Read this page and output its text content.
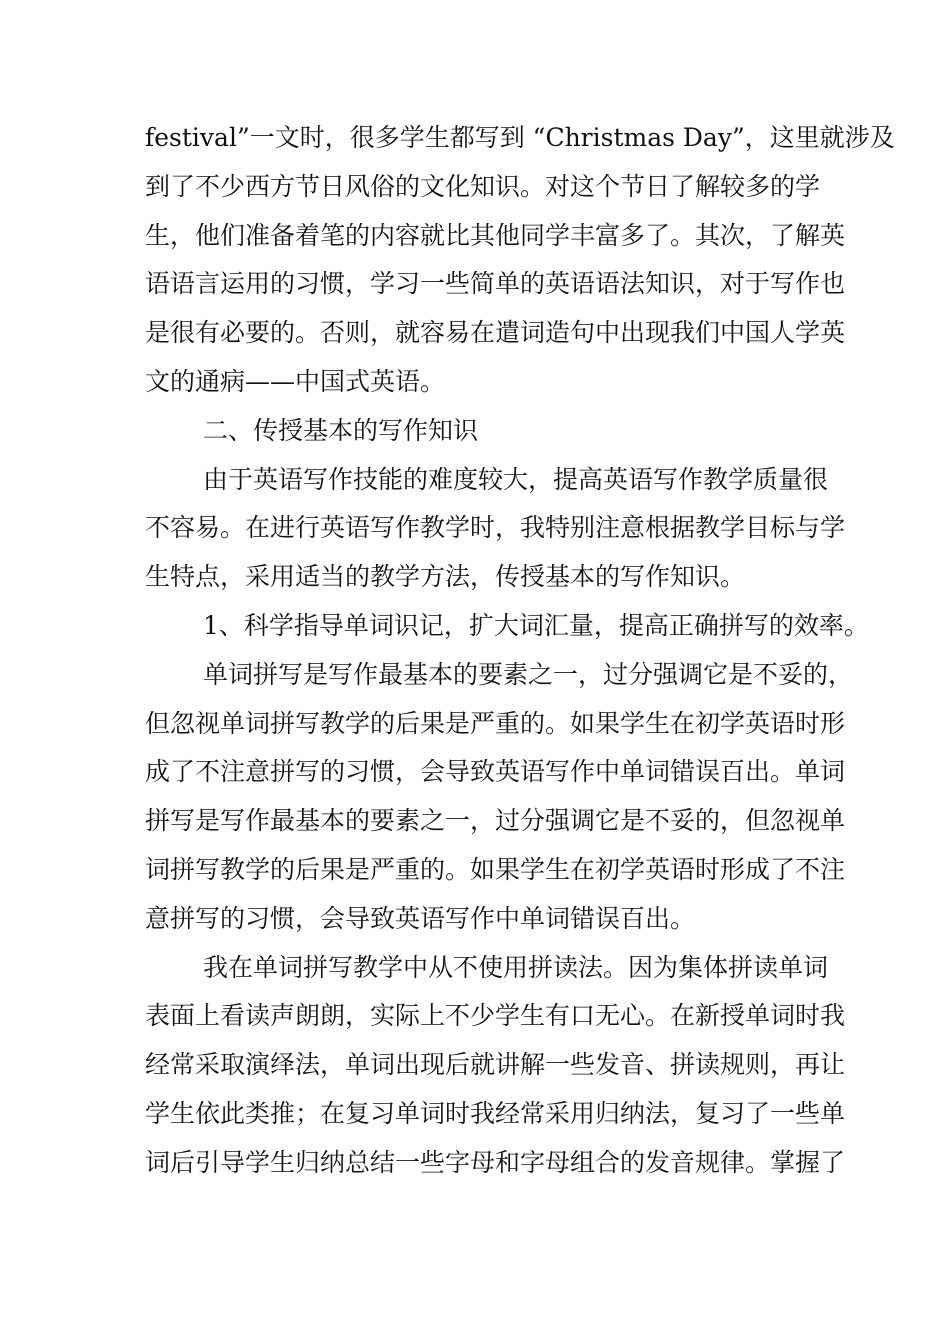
festival”一文时，很多学生都写到 “Christmas Day”，这里就涉及
到了不少西方节日风俗的文化知识。对这个节日了解较多的学
生，他们准备着笔的内容就比其他同学丰富多了。其次，了解英
语语言运用的习惯，学习一些简单的英语语法知识，对于写作也
是很有必要的。否则，就容易在遣词造句中出现我们中国人学英
文的通病——中国式英语。
二、传授基本的写作知识
由于英语写作技能的难度较大，提高英语写作教学质量很
不容易。在进行英语写作教学时，我特别注意根据教学目标与学
生特点，采用适当的教学方法，传授基本的写作知识。
1、科学指导单词识记，扩大词汇量，提高正确拼写的效率。
单词拼写是写作最基本的要素之一，过分强调它是不妥的，
但忽视单词拼写教学的后果是严重的。如果学生在初学英语时形
成了不注意拼写的习惯，会导致英语写作中单词错误百出。单词
拼写是写作最基本的要素之一，过分强调它是不妥的，但忽视单
词拼写教学的后果是严重的。如果学生在初学英语时形成了不注
意拼写的习惯，会导致英语写作中单词错误百出。
我在单词拼写教学中从不使用拼读法。因为集体拼读单词
表面上看读声朗朗，实际上不少学生有口无心。在新授单词时我
经常采取演绎法，单词出现后就讲解一些发音、拼读规则，再让
学生依此类推；在复习单词时我经常采用归纳法，复习了一些单
词后引导学生归纳总结一些字母和字母组合的发音规律。掌握了
